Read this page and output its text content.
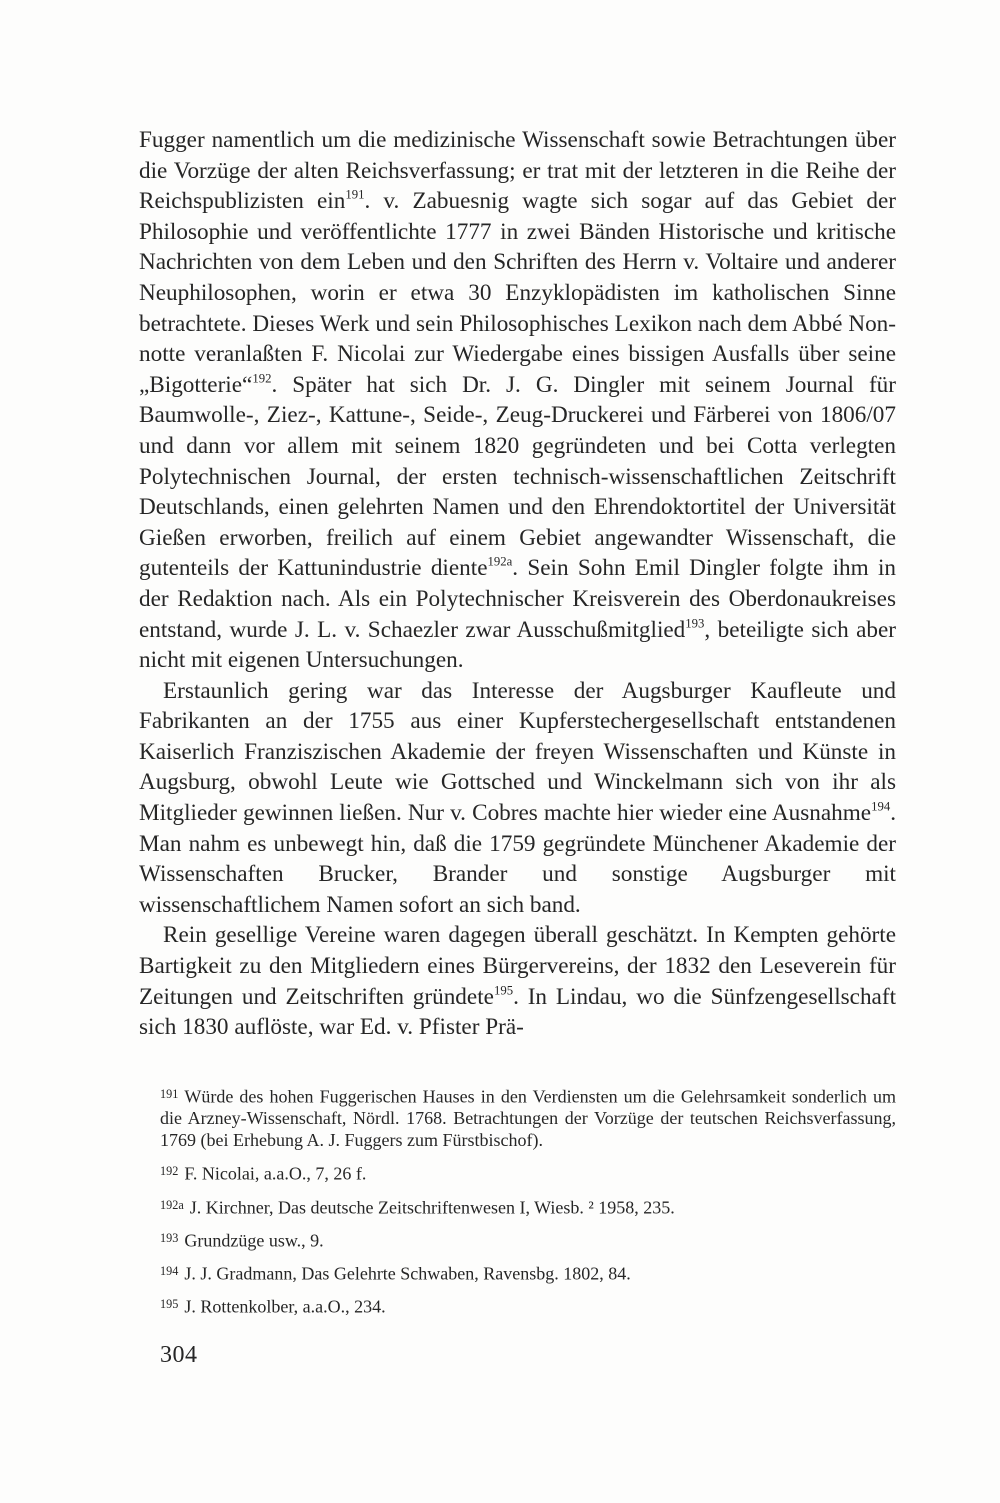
Fugger namentlich um die medizinische Wissenschaft sowie Betrachtungen über die Vorzüge der alten Reichsverfassung; er trat mit der letzteren in die Reihe der Reichspublizisten ein$^{191}$. v. Zabuesnig wagte sich sogar auf das Gebiet der Philosophie und veröffentlichte 1777 in zwei Bänden Historische und kritische Nachrichten von dem Leben und den Schriften des Herrn v. Voltaire und anderer Neuphilosophen, worin er etwa 30 Enzyklopädisten im katholischen Sinne betrachtete. Dieses Werk und sein Philosophisches Lexikon nach dem Abbé Nonnotte veranlaßten F. Nicolai zur Wiedergabe eines bissigen Ausfalls über seine „Bigotterie“$^{192}$. Später hat sich Dr. J. G. Dingler mit seinem Journal für Baumwolle-, Ziez-, Kattune-, Seide-, Zeug-Druckerei und Färberei von 1806/07 und dann vor allem mit seinem 1820 gegründeten und bei Cotta verlegten Polytechnischen Journal, der ersten technisch-wissenschaftlichen Zeitschrift Deutschlands, einen gelehrten Namen und den Ehrendoktortitel der Universität Gießen erworben, freilich auf einem Gebiet angewandter Wissenschaft, die gutenteils der Kattunindustrie diente$^{192a}$. Sein Sohn Emil Dingler folgte ihm in der Redaktion nach. Als ein Polytechnischer Kreisverein des Oberdonaukreises entstand, wurde J. L. v. Schaezler zwar Ausschußmitglied$^{193}$, beteiligte sich aber nicht mit eigenen Untersuchungen.

Erstaunlich gering war das Interesse der Augsburger Kaufleute und Fabrikanten an der 1755 aus einer Kupferstechergesellschaft entstandenen Kaiserlich Franziszischen Akademie der freyen Wissenschaften und Künste in Augsburg, obwohl Leute wie Gottsched und Winckelmann sich von ihr als Mitglieder gewinnen ließen. Nur v. Cobres machte hier wieder eine Ausnahme$^{194}$. Man nahm es unbewegt hin, daß die 1759 gegründete Münchener Akademie der Wissenschaften Brucker, Brander und sonstige Augsburger mit wissenschaftlichem Namen sofort an sich band.

Rein gesellige Vereine waren dagegen überall geschätzt. In Kempten gehörte Bartigkeit zu den Mitgliedern eines Bürgervereins, der 1832 den Leseverein für Zeitungen und Zeitschriften gründete$^{195}$. In Lindau, wo die Sünfzengesellschaft sich 1830 auflöste, war Ed. v. Pfister Prä-

$^{191}$ Würde des hohen Fuggerischen Hauses in den Verdiensten um die Gelehrsamkeit sonderlich um die Arzney-Wissenschaft, Nördl. 1768. Betrachtungen der Vorzüge der teutschen Reichsverfassung, 1769 (bei Erhebung A. J. Fuggers zum Fürstbischof).
$^{192}$ F. Nicolai, a.a.O., 7, 26 f.
$^{192a}$ J. Kirchner, Das deutsche Zeitschriftenwesen I, Wiesb. ² 1958, 235.
$^{193}$ Grundzüge usw., 9.
$^{194}$ J. J. Gradmann, Das Gelehrte Schwaben, Ravensbg. 1802, 84.
$^{195}$ J. Rottenkolber, a.a.O., 234.
304
